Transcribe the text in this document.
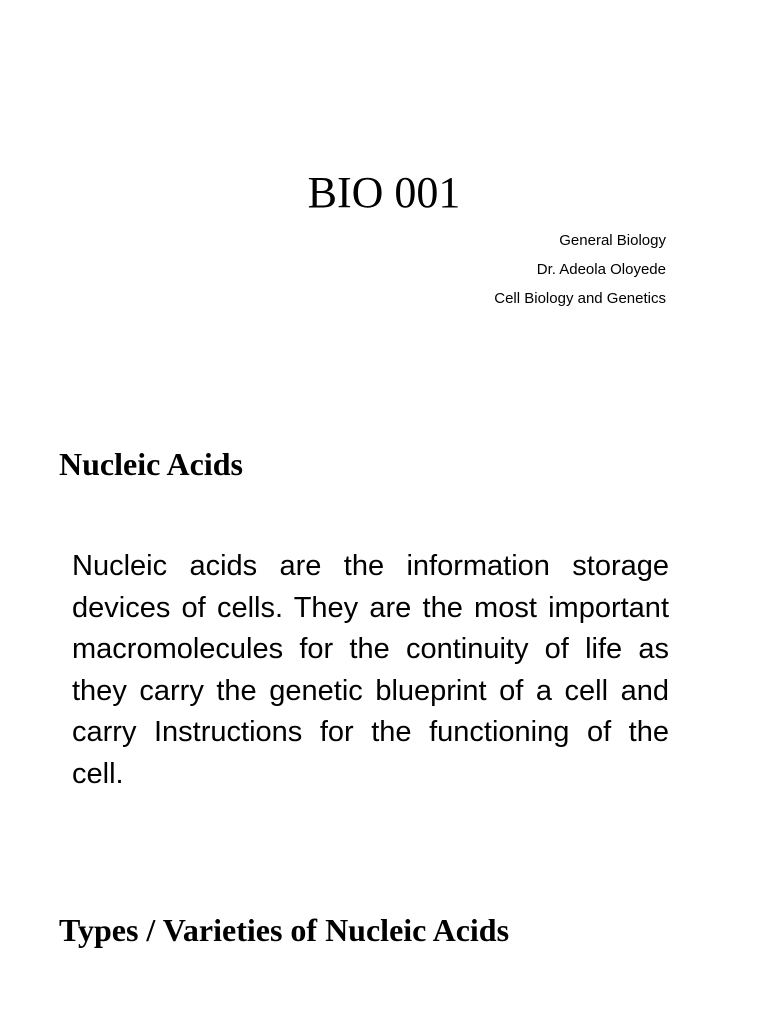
BIO 001
General Biology
Dr. Adeola Oloyede
Cell Biology and Genetics
Nucleic Acids

Nucleic acids are the information storage devices of cells. They are the most important macromolecules for the continuity of life as they carry the genetic blueprint of a cell and carry Instructions for the functioning of the cell.

Types / Varieties of Nucleic Acids
